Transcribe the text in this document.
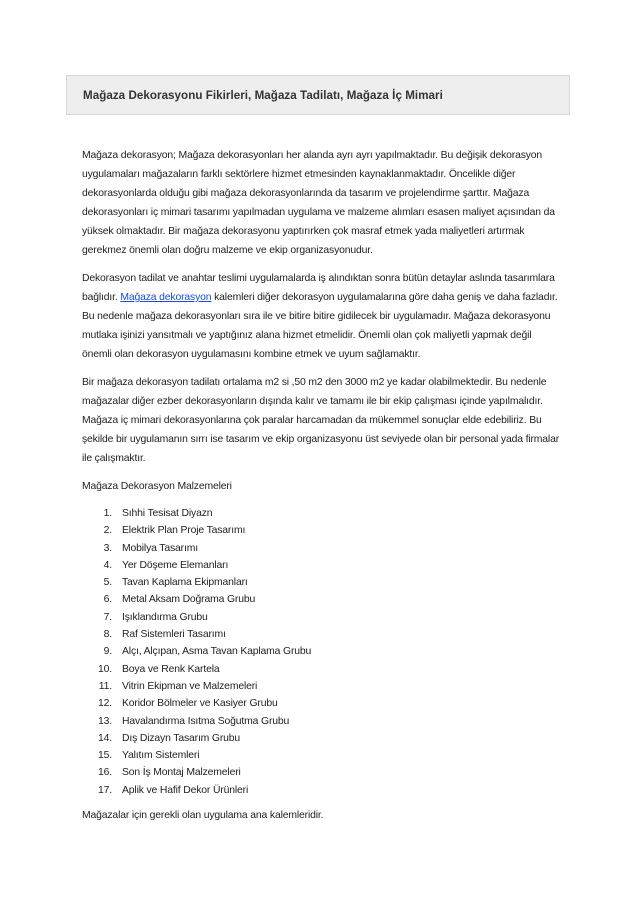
Mağaza Dekorasyonu Fikirleri, Mağaza Tadilatı, Mağaza İç Mimari

Mağaza dekorasyon; Mağaza dekorasyonları her alanda ayrı ayrı yapılmaktadır. Bu değişik dekorasyon uygulamaları mağazaların farklı sektörlere hizmet etmesinden kaynaklanmaktadır. Öncelikle diğer dekorasyonlarda olduğu gibi mağaza dekorasyonlarında da tasarım ve projelendirme şarttır. Mağaza dekorasyonları iç mimari tasarımı yapılmadan uygulama ve malzeme alımları esasen maliyet açısından da yüksek olmaktadır. Bir mağaza dekorasyonu yaptırırken çok masraf etmek yada maliyetleri artırmak gerekmez önemli olan doğru malzeme ve ekip organizasyonudur.

Dekorasyon tadilat ve anahtar teslimi uygulamalarda iş alındıktan sonra bütün detaylar aslında tasarımlara bağlıdır. Mağaza dekorasyon kalemleri diğer dekorasyon uygulamalarına göre daha geniş ve daha fazladır. Bu nedenle mağaza dekorasyonları sıra ile ve bitire bitire gidilecek bir uygulamadır. Mağaza dekorasyonu mutlaka işinizi yansıtmalı ve yaptığınız alana hizmet etmelidir. Önemli olan çok maliyetli yapmak değil önemli olan dekorasyon uygulamasını kombine etmek ve uyum sağlamaktır.

Bir mağaza dekorasyon tadilatı ortalama m2 si ,50 m2 den 3000 m2 ye kadar olabilmektedir. Bu nedenle mağazalar diğer ezber dekorasyonların dışında kalır ve tamamı ile bir ekip çalışması içinde yapılmalıdır. Mağaza iç mimari dekorasyonlarına çok paralar harcamadan da mükemmel sonuçlar elde edebiliriz. Bu şekilde bir uygulamanın sırrı ise tasarım ve ekip organizasyonu üst seviyede olan bir personal yada firmalar ile çalışmaktır.

Mağaza Dekorasyon Malzemeleri

1. Sıhhi Tesisat Diyazn
2. Elektrik Plan Proje Tasarımı
3. Mobilya Tasarımı
4. Yer Döşeme Elemanları
5. Tavan Kaplama Ekipmanları
6. Metal Aksam Doğrama Grubu
7. Işıklandırma Grubu
8. Raf Sistemleri Tasarımı
9. Alçı, Alçıpan, Asma Tavan Kaplama Grubu
10. Boya ve Renk Kartela
11. Vitrin Ekipman ve Malzemeleri
12. Koridor Bölmeler ve Kasiyer Grubu
13. Havalandırma Isıtma Soğutma Grubu
14. Dış Dizayn Tasarım Grubu
15. Yalıtım Sistemleri
16. Son İş Montaj Malzemeleri
17. Aplik ve Hafif Dekor Ürünleri

Mağazalar için gerekli olan uygulama ana kalemleridir.
